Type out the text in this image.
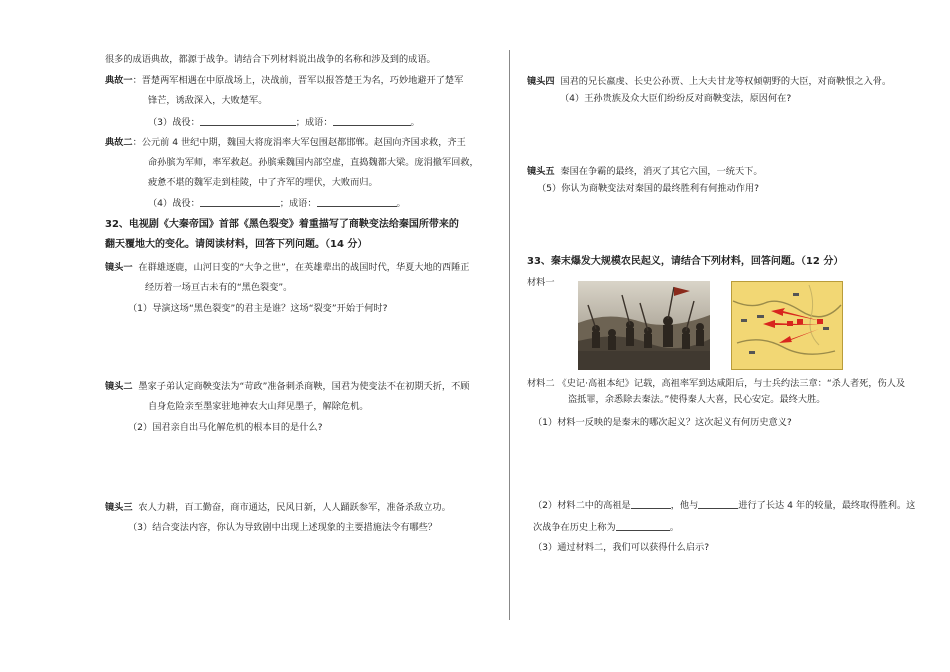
很多的成语典故，都源于战争。请结合下列材料说出战争的名称和涉及到的成语。
典故一：晋楚两军相遇在中原战场上，决战前，晋军以报答楚王为名，巧妙地避开了楚军
锋芒，诱敌深入，大败楚军。
（3）战役：	；成语：	。
典故二：公元前 4 世纪中期，魏国大将庞涓率大军包围赵都邯郸。赵国向齐国求救，齐王
命孙膑为军师，率军救赵。孙膑乘魏国内部空虚，直捣魏都大梁。庞涓撤军回救，
疲惫不堪的魏军走到桂陵，中了齐军的埋伏，大败而归。
（4）战役：	；成语：	。
32、电视剧《大秦帝国》首部《黑色裂变》着重描写了商鞅变法给秦国所带来的
翻天覆地大的变化。请阅读材料，回答下列问题。（14 分）
镜头一 在群雄逐鹿，山河日变的“大争之世”，在英雄辈出的战国时代，华夏大地的西陲正
经历着一场亘古未有的“黑色裂变”。
（1）导演这场“黑色裂变”的君主是谁？这场“裂变”开始于何时?
镜头二 墨家子弟认定商鞅变法为“苛政”准备刺杀商鞅，国君为使变法不在初期夭折，不顾
自身危险亲至墨家驻地神农大山拜见墨子，解除危机。
（2）国君亲自出马化解危机的根本目的是什么?
镜头三 农人力耕，百工勤奋，商市通达，民风日新，人人踊跃参军，准备杀敌立功。
（3）结合变法内容，你认为导致剧中出现上述现象的主要措施法令有哪些？
镜头四 国君的兄长嬴虔、长史公孙贾、上大夫甘龙等权倾朝野的大臣，对商鞅恨之入骨。
（4）王孙贵族及众大臣们纷纷反对商鞅变法，原因何在?
镜头五 秦国在争霸的最终，消灭了其它六国，一统天下。
（5）你认为商鞅变法对秦国的最终胜利有何推动作用?
33、秦末爆发大规模农民起义，请结合下列材料，回答问题。（12 分）
材料一
材料二 《史记·高祖本纪》记载，高祖率军到达咸阳后，与士兵约法三章：“杀人者死，伤人及
盗抵罪，余悉除去秦法。”使得秦人大喜，民心安定。最终大胜。
（1）材料一反映的是秦末的哪次起义？这次起义有何历史意义?
（2）材料二中的高祖是	，他与	进行了长达 4 年的较量，最终取得胜利。这
次战争在历史上称为	。
（3）通过材料二，我们可以获得什么启示?
